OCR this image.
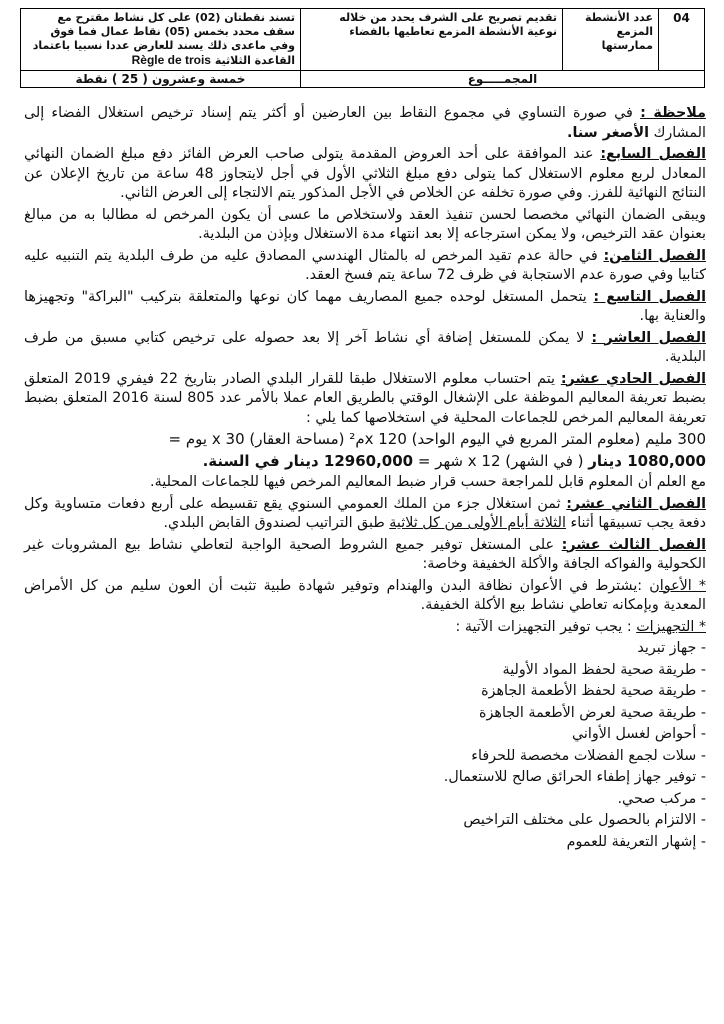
04	عدد الأنشطة المزمع ممارستها	تقديم تصريح على الشرف يحدد من خلاله نوعية الأنشطة المزمع تعاطيها بالفضاء	تسند نقطتان (02) على كل نشاط مقترح مع سقف محدد بخمس (05) نقاط عمال فما فوق وفي ماعدى ذلك يسند للعارض عددا نسبيا باعتماد القاعدة الثلاثية Règle de trois
المجمـــــوع			خمسة وعشرون ( 25 ) نقطة

ملاحظة : في صورة التساوي في مجموع النقاط بين العارضين أو أكثر يتم إسناد ترخيص استغلال الفضاء إلى المشارك الأصغر سنا.

الفصل السابع: عند الموافقة على أحد العروض المقدمة يتولى صاحب العرض الفائز دفع مبلغ الضمان النهائي المعادل لربع معلوم الاستغلال كما يتولى دفع مبلغ الثلاثي الأول في أجل لايتجاوز 48 ساعة من تاريخ الإعلان عن النتائج النهائية للفرز. وفي صورة تخلفه عن الخلاص في الأجل المذكور يتم الالتجاء إلى العرض الثاني.

ويبقى الضمان النهائي مخصصا لحسن تنفيذ العقد ولاستخلاص ما عسى أن يكون المرخص له مطالبا به من مبالغ بعنوان عقد الترخيص، ولا يمكن استرجاعه إلا بعد انتهاء مدة الاستغلال وبإذن من البلدية.

الفصل الثامن: في حالة عدم تقيد المرخص له بالمثال الهندسي المصادق عليه من طرف البلدية يتم التنبيه عليه كتابيا وفي صورة عدم الاستجابة في ظرف 72 ساعة يتم فسخ العقد.

الفصل التاسع : يتحمل المستغل لوحده جميع المصاريف مهما كان نوعها والمتعلقة بتركيب "البراكة" وتجهيزها والعناية بها.

الفصل العاشر : لا يمكن للمستغل إضافة أي نشاط آخر إلا بعد حصوله على ترخيص كتابي مسبق من طرف البلدية.

الفصل الحادي عشر: يتم احتساب معلوم الاستغلال طبقا للقرار البلدي الصادر بتاريخ 22 فيفري 2019 المتعلق بضبط تعريفة المعاليم الموظفة على الإشغال الوقتي بالطريق العام عملا بالأمر عدد 805 لسنة 2016 المتعلق بضبط تعريفة المعاليم المرخص للجماعات المحلية في استخلاصها كما يلي :

300 مليم (معلوم المتر المربع في اليوم الواحد) x 120م² (مساحة العقار) x 30 يوم =

1080,000 دينار ( في الشهر) x 12 شهر = 12960,000 دينار في السنة.

مع العلم أن المعلوم قابل للمراجعة حسب قرار ضبط المعاليم المرخص فيها للجماعات المحلية.

الفصل الثاني عشر: ثمن استغلال جزء من الملك العمومي السنوي يقع تقسيطه على أربع دفعات متساوية وكل دفعة يجب تسبيقها أثناء الثلاثة أيام الأولى من كل ثلاثية طبق التراتيب لصندوق القابض البلدي.

الفصل الثالث عشر: على المستغل توفير جميع الشروط الصحية الواجبة لتعاطي نشاط بيع المشروبات غير الكحولية والفواكه الجافة والأكلة الخفيفة وخاصة:

* الأعوان :يشترط في الأعوان نظافة البدن والهندام وتوفير شهادة طبية تثبت أن العون سليم من كل الأمراض المعدية وبإمكانه تعاطي نشاط بيع الأكلة الخفيفة.

* التجهيزات : يجب توفير التجهيزات الآتية :

- جهاز تبريد

- طريقة صحية لحفظ المواد الأولية

- طريقة صحية لحفظ الأطعمة الجاهزة

- طريقة صحية لعرض الأطعمة الجاهزة

- أحواض لغسل الأواني

- سلات لجمع الفضلات مخصصة للحرفاء

- توفير جهاز إطفاء الحرائق صالح للاستعمال.

- مركب صحي.

- الالتزام بالحصول على مختلف التراخيص

- إشهار التعريفة للعموم
